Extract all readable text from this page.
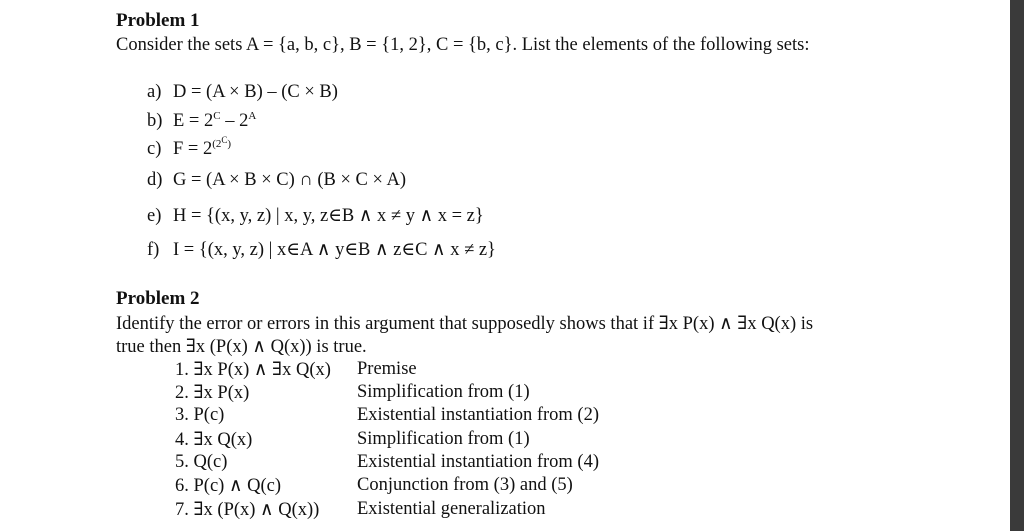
Problem 1
Consider the sets A = {a, b, c}, B = {1, 2}, C = {b, c}. List the elements of the following sets:
a) D = (A × B) – (C × B)
b) $E = 2^C - 2^A$
c) $F = 2^{(2^C)}$
d) G = (A × B × C) ∩ (B × C × A)
e) H = {(x, y, z) | x, y, z∈B ∧ x ≠ y ∧ x = z}
f) I = {(x, y, z) | x∈A ∧ y∈B ∧ z∈C ∧ x ≠ z}
Problem 2
Identify the error or errors in this argument that supposedly shows that if ∃x P(x) ∧ ∃x Q(x) is
true then ∃x (P(x) ∧ Q(x)) is true.
1. ∃x P(x) ∧ ∃x Q(x) Premise
2. ∃x P(x)	Simplification from (1)
3. P(c)	Existential instantiation from (2)
4. ∃x Q(x)	Simplification from (1)
5. Q(c)	Existential instantiation from (4)
6. P(c) ∧ Q(c)	Conjunction from (3) and (5)
7. ∃x (P(x) ∧ Q(x)) Existential generalization
